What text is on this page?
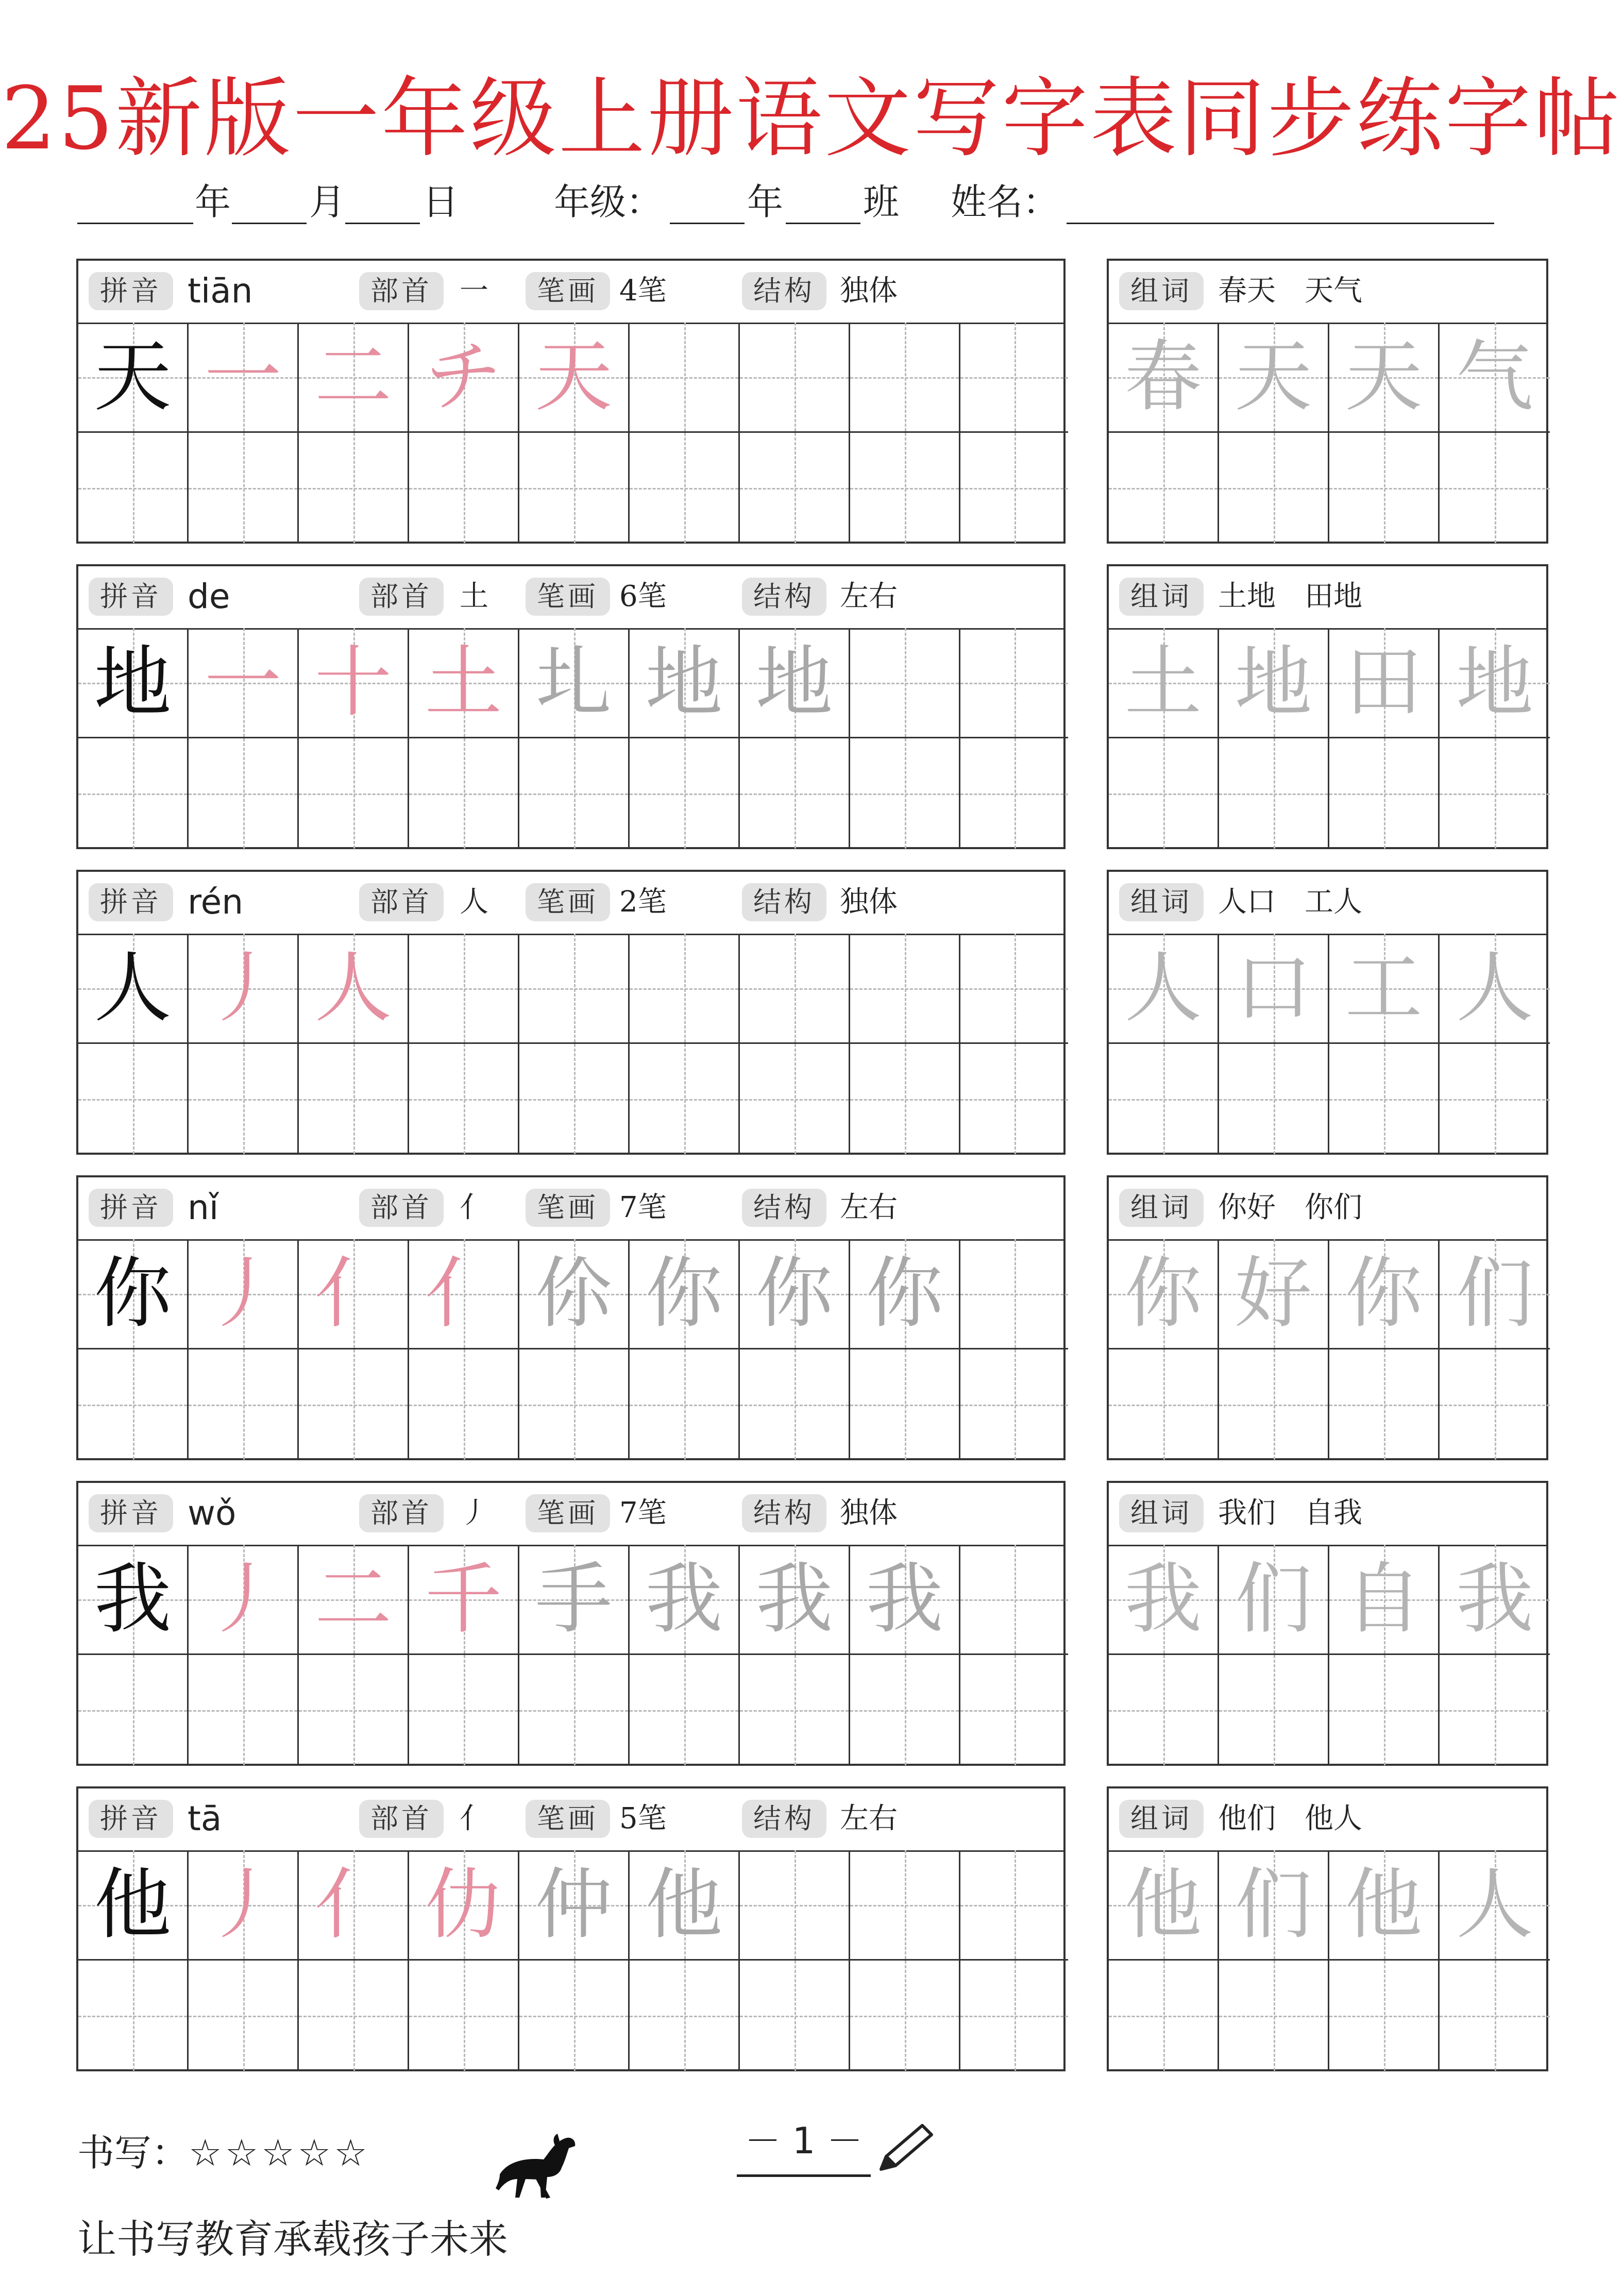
25新版一年级上册语文写字表同步练字帖
年 月 日	年级： 年 班 姓名：
拼音 tiān	部首 一	笔画 4笔	结构 独体
天 一 二 チ 天
组词 春天　天气
春 天 天 气
拼音 de	部首 土	笔画 6笔	结构 左右
地 一 十 土 圠 地 地
组词 土地　田地
土 地 田 地
拼音 rén	部首 人	笔画 2笔	结构 独体
人 丿 人
组词 人口　工人
人 口 工 人
拼音 nǐ	部首 亻	笔画 7笔	结构 左右
你 丿 亻 亻 伱 你 你 你
组词 你好　你们
你 好 你 们
拼音 wǒ	部首 丿	笔画 7笔	结构 独体
我 丿 二 千 手 我 我 我
组词 我们　自我
我 们 自 我
拼音 tā	部首 亻	笔画 5笔	结构 左右
他 丿 亻 仂 仲 他
组词 他们　他人
他 们 他 人
书写：☆☆☆☆☆	－ 1 －
让书写教育承载孩子未来
